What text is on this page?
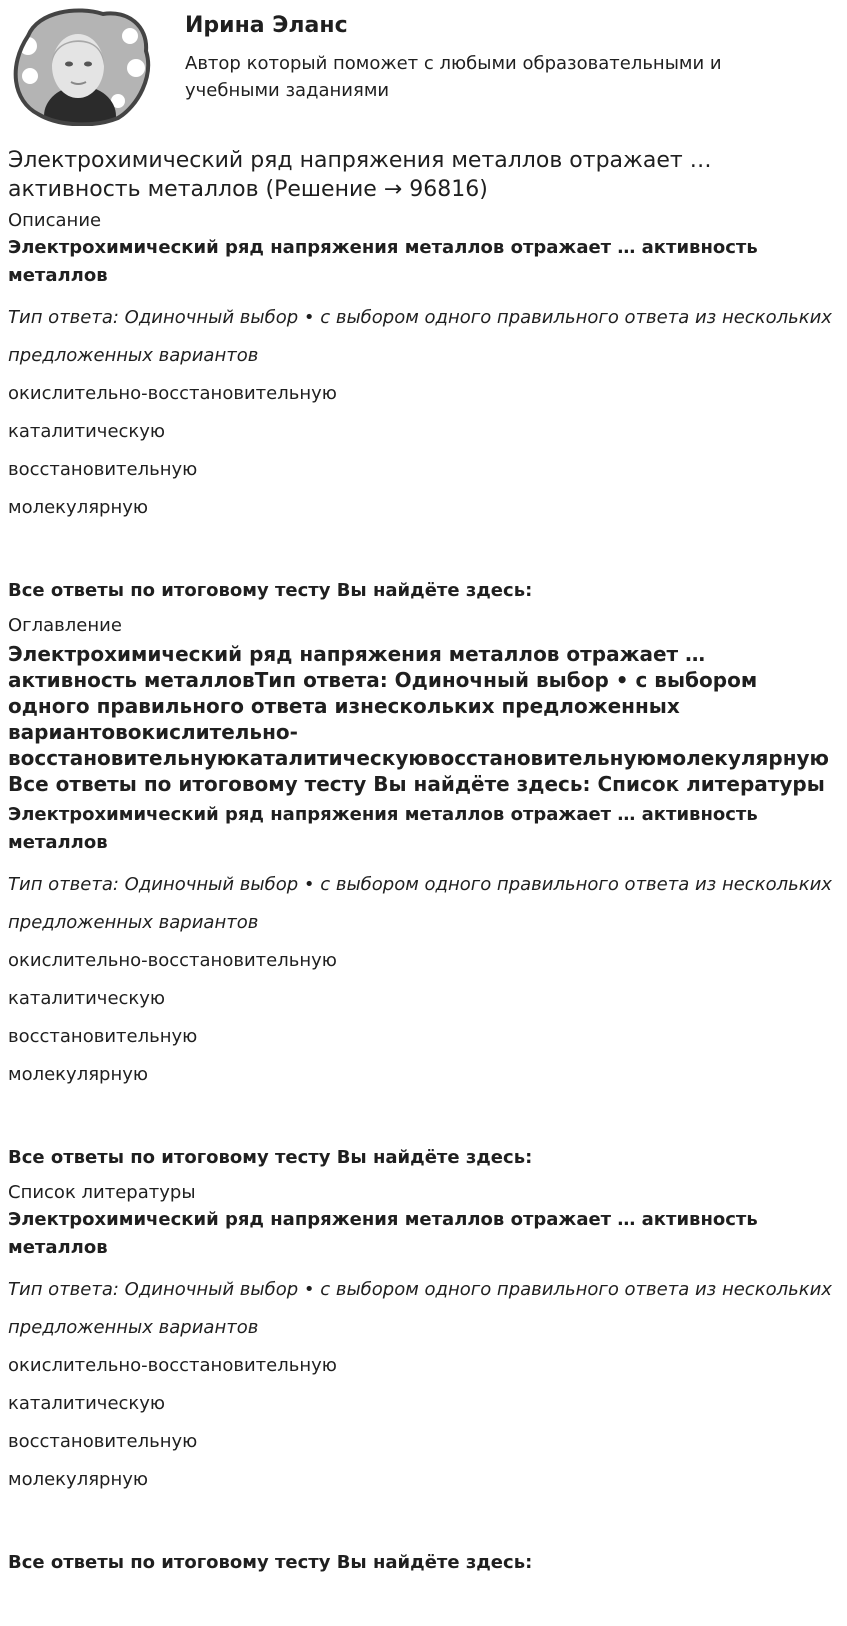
Ирина Эланс

Автор который поможет с любыми образовательными и учебными заданиями

Электрохимический ряд напряжения металлов отражает … активность металлов (Решение → 96816)

Описание

Электрохимический ряд напряжения металлов отражает … активность металлов

Тип ответа: Одиночный выбор • с выбором одного правильного ответа из нескольких предложенных вариантов

окислительно-восстановительную

каталитическую

восстановительную

молекулярную

Все ответы по итоговому тесту Вы найдёте здесь:

Оглавление

Электрохимический ряд напряжения металлов отражает … активность металловТип ответа: Одиночный выбор • с выбором одного правильного ответа изнескольких предложенных вариантовокислительно-
восстановительнуюкаталитическуювосстановительнуюмолекулярную
Все ответы по итоговому тесту Вы найдёте здесь: Список литературы

Электрохимический ряд напряжения металлов отражает … активность металлов

Тип ответа: Одиночный выбор • с выбором одного правильного ответа из нескольких предложенных вариантов

окислительно-восстановительную

каталитическую

восстановительную

молекулярную

Все ответы по итоговому тесту Вы найдёте здесь:

Список литературы

Электрохимический ряд напряжения металлов отражает … активность металлов

Тип ответа: Одиночный выбор • с выбором одного правильного ответа из нескольких предложенных вариантов

окислительно-восстановительную

каталитическую

восстановительную

молекулярную

Все ответы по итоговому тесту Вы найдёте здесь:
